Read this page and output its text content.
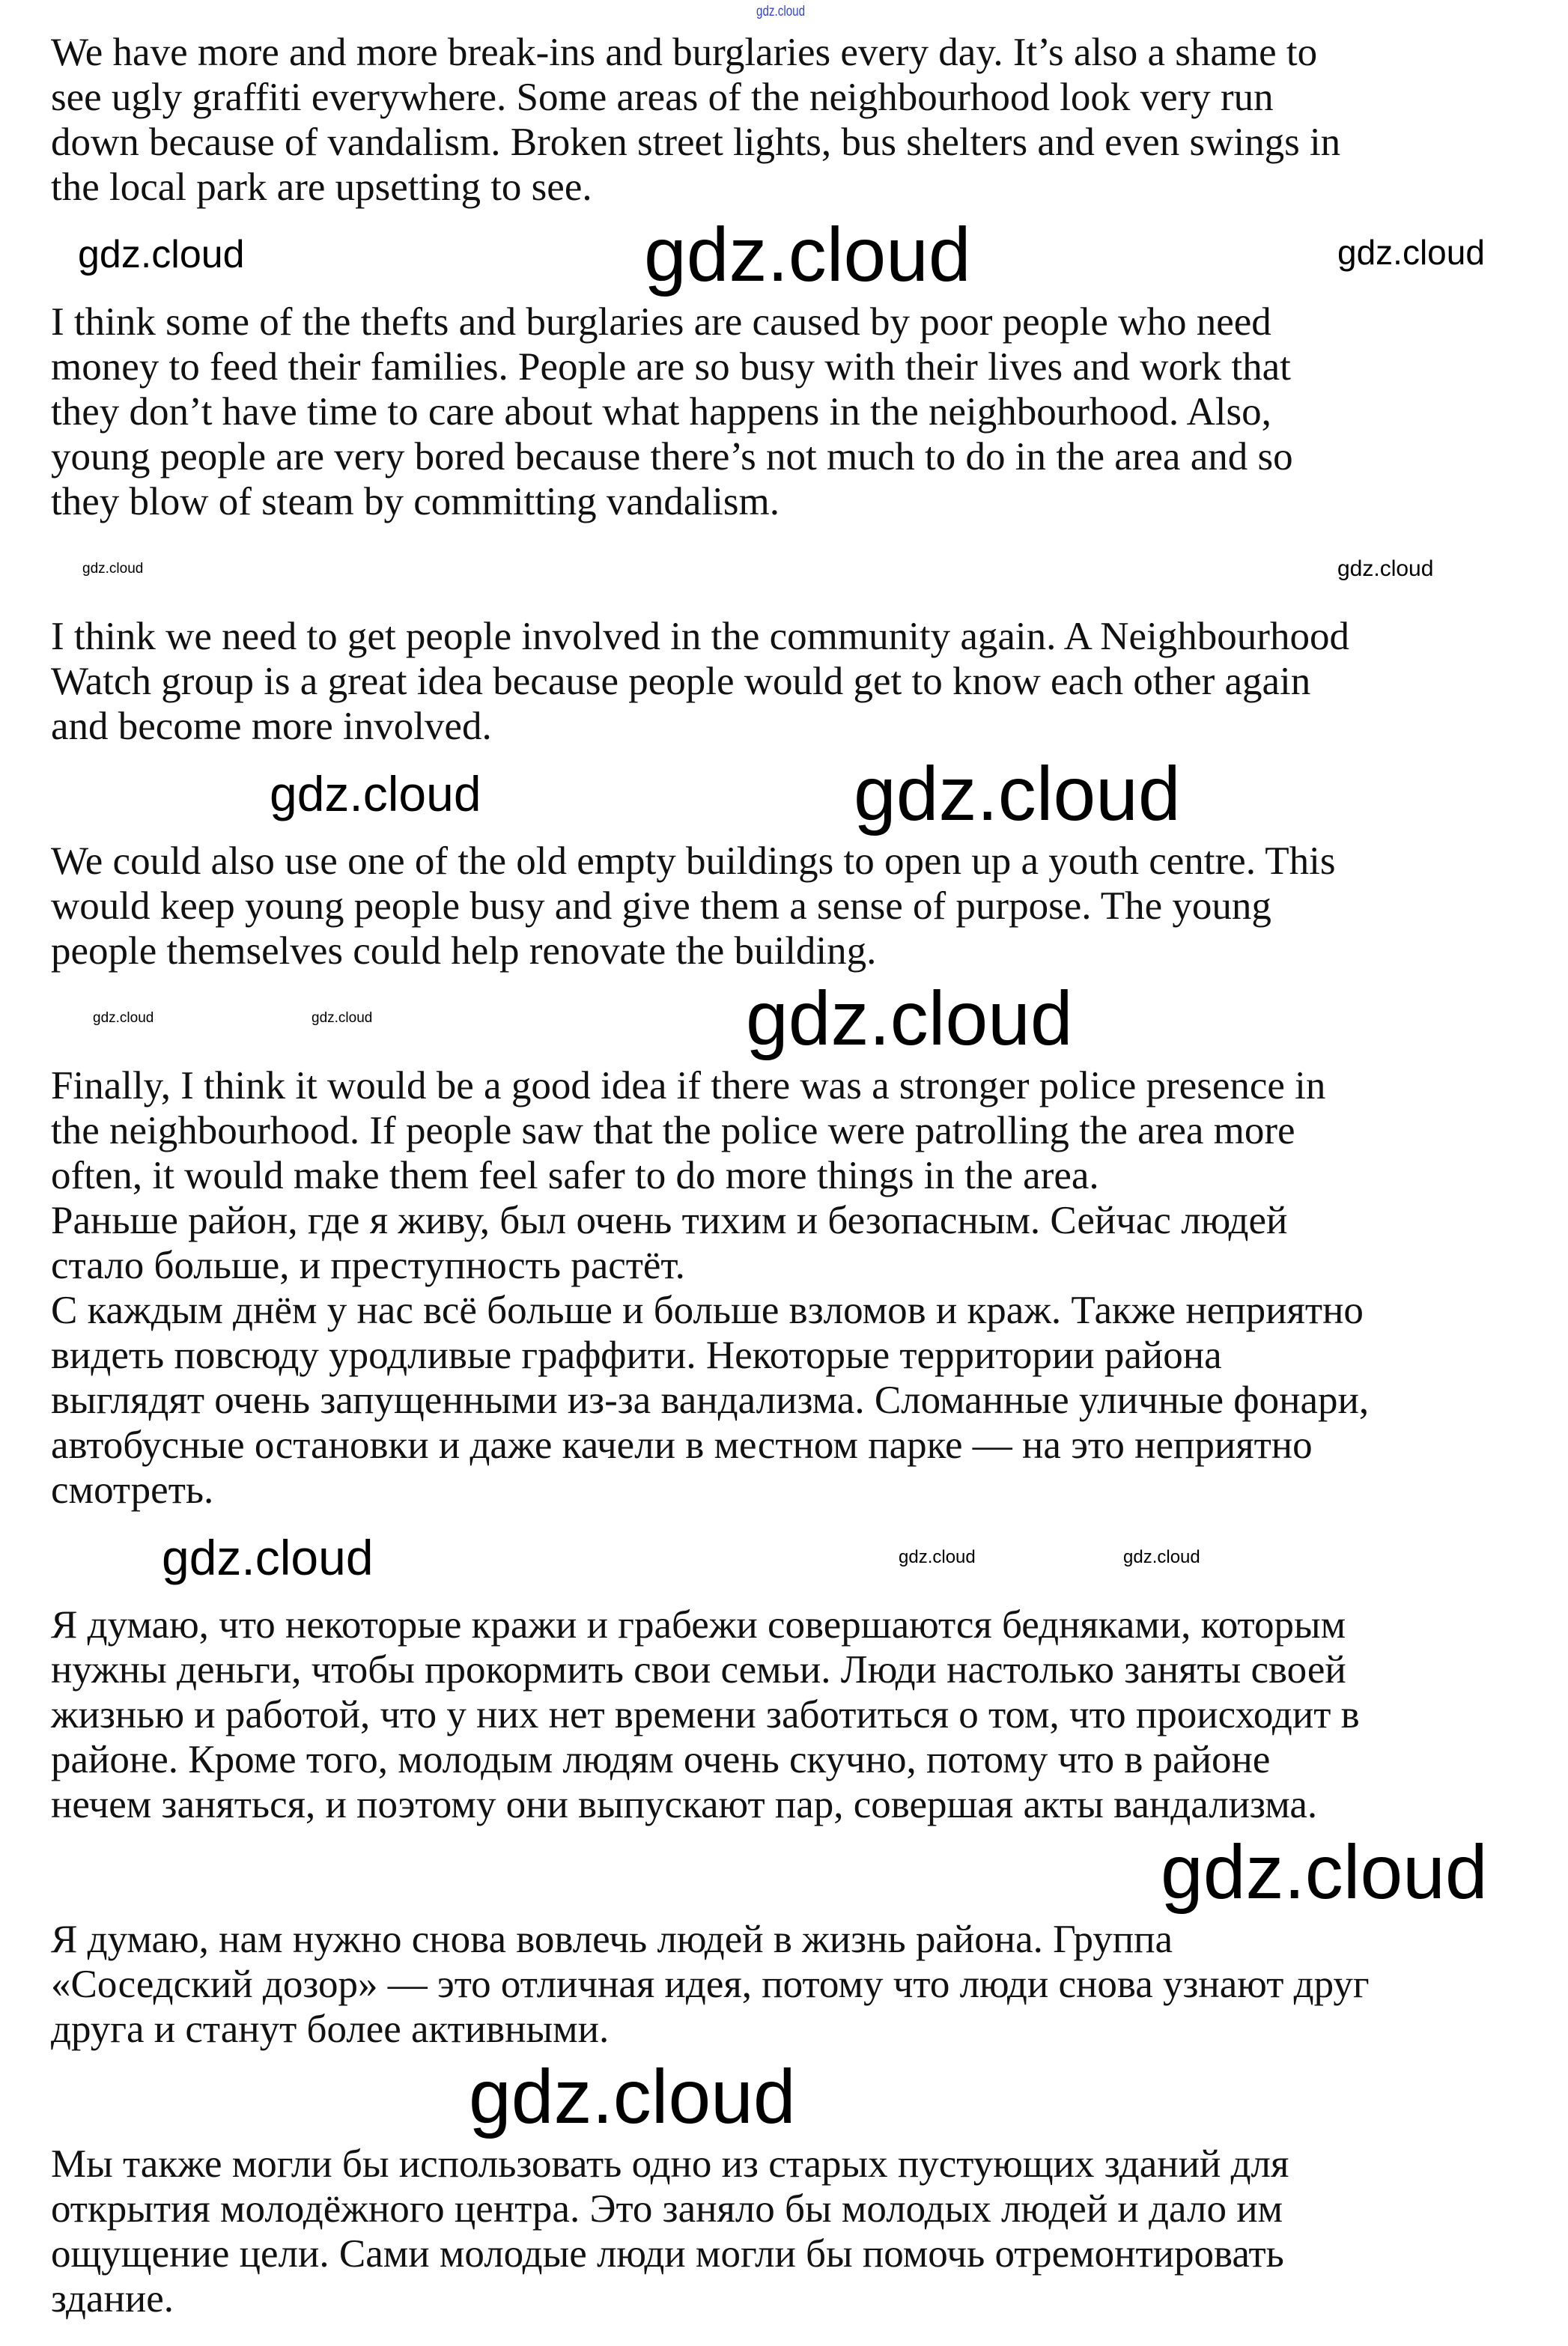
We have more and more break-ins and burglaries every day. It’s also a shame to
see ugly graffiti everywhere. Some areas of the neighbourhood look very run
down because of vandalism. Broken street lights, bus shelters and even swings in
the local park are upsetting to see.
I think some of the thefts and burglaries are caused by poor people who need
money to feed their families. People are so busy with their lives and work that
they don’t have time to care about what happens in the neighbourhood. Also,
young people are very bored because there’s not much to do in the area and so
they blow of steam by committing vandalism.
I think we need to get people involved in the community again. A Neighbourhood
Watch group is a great idea because people would get to know each other again
and become more involved.
We could also use one of the old empty buildings to open up a youth centre. This
would keep young people busy and give them a sense of purpose. The young
people themselves could help renovate the building.
Finally, I think it would be a good idea if there was a stronger police presence in
the neighbourhood. If people saw that the police were patrolling the area more
often, it would make them feel safer to do more things in the area.
Раньше район, где я живу, был очень тихим и безопасным. Сейчас людей
стало больше, и преступность растёт.
С каждым днём у нас всё больше и больше взломов и краж. Также неприятно
видеть повсюду уродливые граффити. Некоторые территории района
выглядят очень запущенными из-за вандализма. Сломанные уличные фонари,
автобусные остановки и даже качели в местном парке — на это неприятно
смотреть.
Я думаю, что некоторые кражи и грабежи совершаются бедняками, которым
нужны деньги, чтобы прокормить свои семьи. Люди настолько заняты своей
жизнью и работой, что у них нет времени заботиться о том, что происходит в
районе. Кроме того, молодым людям очень скучно, потому что в районе
нечем заняться, и поэтому они выпускают пар, совершая акты вандализма.
Я думаю, нам нужно снова вовлечь людей в жизнь района. Группа
«Соседский дозор» — это отличная идея, потому что люди снова узнают друг
друга и станут более активными.
Мы также могли бы использовать одно из старых пустующих зданий для
открытия молодёжного центра. Это заняло бы молодых людей и дало им
ощущение цели. Сами молодые люди могли бы помочь отремонтировать
здание.
gdz.cloud
gdz.cloud	gdz.cloud	gdz.cloud
gdz.cloud	gdz.cloud
gdz.cloud	gdz.cloud
gdz.cloud	gdz.cloud	gdz.cloud
gdz.cloud	gdz.cloud	gdz.cloud
gdz.cloud
gdz.cloud
